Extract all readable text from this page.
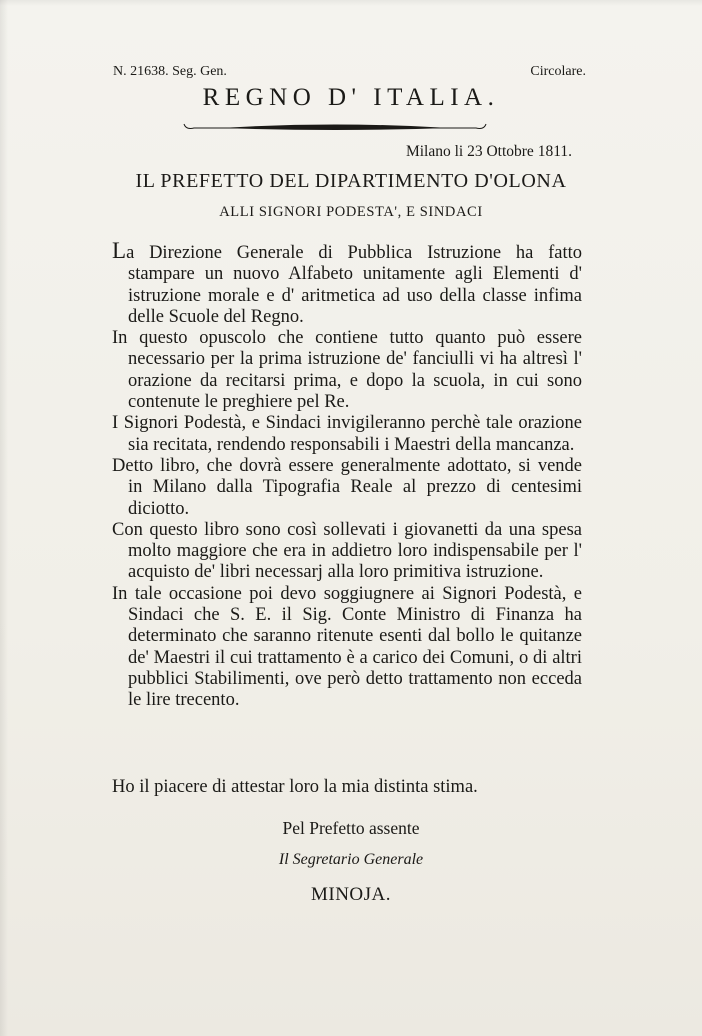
N. 21638. Seg. Gen.	Circolare.
REGNO D' ITALIA.
Milano li 23 Ottobre 1811.
IL PREFETTO DEL DIPARTIMENTO D'OLONA
ALLI SIGNORI PODESTA', E SINDACI

La Direzione Generale di Pubblica Istruzione ha fatto stampare un nuovo Alfabeto unitamente agli Elementi d' istruzione morale e d' aritmetica ad uso della classe infima delle Scuole del Regno.

In questo opuscolo che contiene tutto quanto può essere necessario per la prima istruzione de' fanciulli vi ha altresì l' orazione da recitarsi prima, e dopo la scuola, in cui sono contenute le preghiere pel Re.

I Signori Podestà, e Sindaci invigileranno perchè tale orazione sia recitata, rendendo responsabili i Maestri della mancanza.

Detto libro, che dovrà essere generalmente adottato, si vende in Milano dalla Tipografia Reale al prezzo di centesimi diciotto.

Con questo libro sono così sollevati i giovanetti da una spesa molto maggiore che era in addietro loro indispensabile per l' acquisto de' libri necessarj alla loro primitiva istruzione.

In tale occasione poi devo soggiugnere ai Signori Podestà, e Sindaci che S. E. il Sig. Conte Ministro di Finanza ha determinato che saranno ritenute esenti dal bollo le quitanze de' Maestri il cui trattamento è a carico dei Comuni, o di altri pubblici Stabilimenti, ove però detto trattamento non ecceda le lire trecento.

Ho il piacere di attestar loro la mia distinta stima.
Pel Prefetto assente
Il Segretario Generale
MINOJA.
